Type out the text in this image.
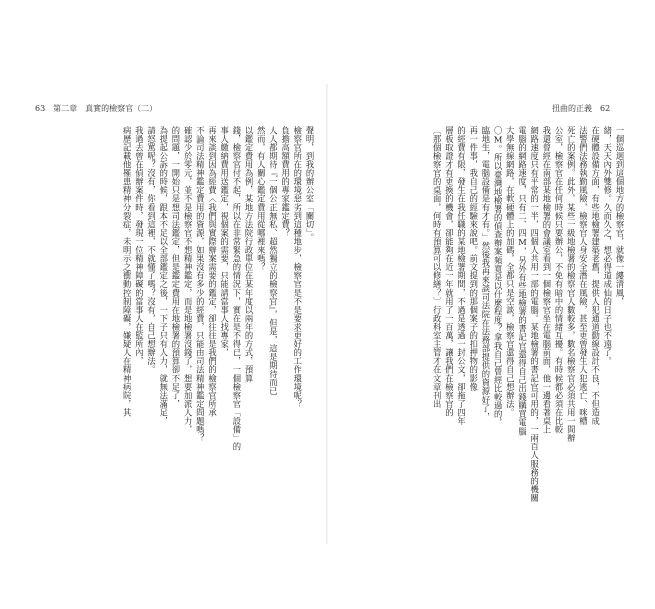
63　第二章　真實的檢察官（二）	扭曲的正義　62
一個巡迴到這個地方的檢察官，就像一縷清風，
緒，天天內外雙修。久而久之，想必得道成仙的日子也不遠了。
在硬體設備方面，有些地檢署建築老舊，提供人犯通道動線設計不良，不但造成
法警們法務執勤風險，檢察官人身安全潛在風險，甚至更曾發生人犯逃亡、咪槽
死亡的案例。此外，某些一級地檢署的檢察官人數較多，數名檢察官必須共用一間辦
公室，檢察官在任何時候只要辦公，不免有暗中的情緒互擾。有時候都必須在比較
我還曾經在南部某地檢署的會議室看到一個檢察官坐在電腦前面，他一邊看著桌上
網路速度只有平常的一半，四個人共用一部的電腦。某地檢署的書記官可用的，一兩百人服務的機關
電腦的網路速度，只有二、四M，另外有些地檢署的書記官還得自己出錢購買電腦
大學無線網路，在軟硬體上的加碼，全都只是空談，檢察官還得自己想辦法。
〇M。所以臺灣地檢署的偵查辦案頻寬是以什麼程度？拿我自己曾經比較過的，
臨地生，電腦設備是有才有。」然後我再來談司法院在法務部提供的資源好了，
再一件事，我自己的經驗來說吧。前文提到的那個案子的扣押物的影像
的經費有限，發生在我任職的某地檢署期間，不過是透過一封公文，卻拖了四年
層板取證才有更換的機會，卻能夠在近一年就用了一百萬，讓我們在檢察官的
〔那個檢察官的桌面，何時有預算可以修繕？〕行政科室主管才在文章刊出
聲明，到我的辦公室「關切」。
檢察官所在的環境惡劣到這種地步，檢察官是不是要求更好的工作環境呢？
負擔高額費用的專家鑑定費？
人人都期待『一個公正無私、超然獨立的檢察官』，但是，這是期待而已
然而，有人關心鑑定費用從哪裡來嗎？
以鑑定費用為例，某地方法院行政單位在某年度以兩年的方式，預算
錢，檢察官付不起，所以在非常緊急的情況下，實在是不得已，一個檢察官「設備」的
事人繳納費用送鑑定，視個案的需要，只能請當事人找專家，
再來談到因為經費〈我們與實際辦案需要的鑑定，卻往往是我們的檢察官所承
不論司法精神鑑定費用的資源，如果沒有多少的經費，只能由司法精神鑑定問題嗎？
確認少於零元，並不是檢察官不想精神鑑定，而是地檢署沒錢了，想要加派人力，
的問題，一開始只是想司法鑑定，但是鑑定費用在地檢署的預算卻不足了，
為提起公訴的時候，跟本不足以全部鑑定之後，一下子只有人力，就無法滿足，
請怒罵呢？沒有，你看到這裡，不就懂了嗎？沒有，自己想辦法。
我過去曾在偵辦案件時，發現一位精神障礙的當事人在監所內，
病歷記載他罹患精神分裂症，未明示之衝動控制障礙，嫌疑人在精神病院，其
